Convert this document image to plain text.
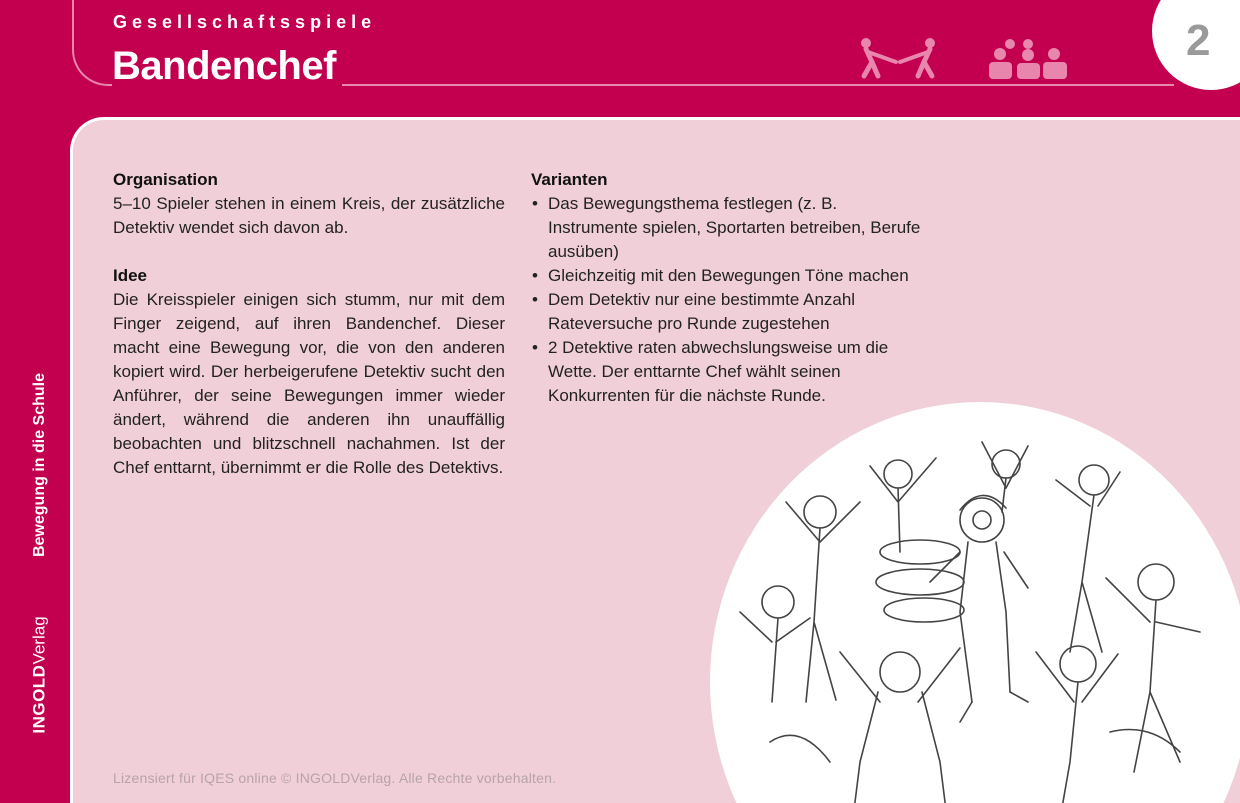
Gesellschaftsspiele
Bandenchef
2
Bewegung in die Schule
INGOLDVerlag
Organisation
5–10 Spieler stehen in einem Kreis, der zusätzliche Detektiv wendet sich davon ab.
Idee
Die Kreisspieler einigen sich stumm, nur mit dem Finger zeigend, auf ihren Bandenchef. Dieser macht eine Bewegung vor, die von den anderen kopiert wird. Der herbeigerufene Detektiv sucht den Anführer, der seine Bewegungen immer wieder ändert, während die anderen ihn unauffällig beobachten und blitzschnell nachahmen. Ist der Chef enttarnt, übernimmt er die Rolle des Detektivs.
Varianten
• Das Bewegungsthema festlegen (z. B. Instrumente spielen, Sportarten betreiben, Berufe ausüben)
• Gleichzeitig mit den Bewegungen Töne machen
• Dem Detektiv nur eine bestimmte Anzahl Rateversuche pro Runde zugestehen
• 2 Detektive raten abwechslungsweise um die Wette. Der enttarnte Chef wählt seinen Konkurrenten für die nächste Runde.
Lizensiert für IQES online © INGOLDVerlag. Alle Rechte vorbehalten.
